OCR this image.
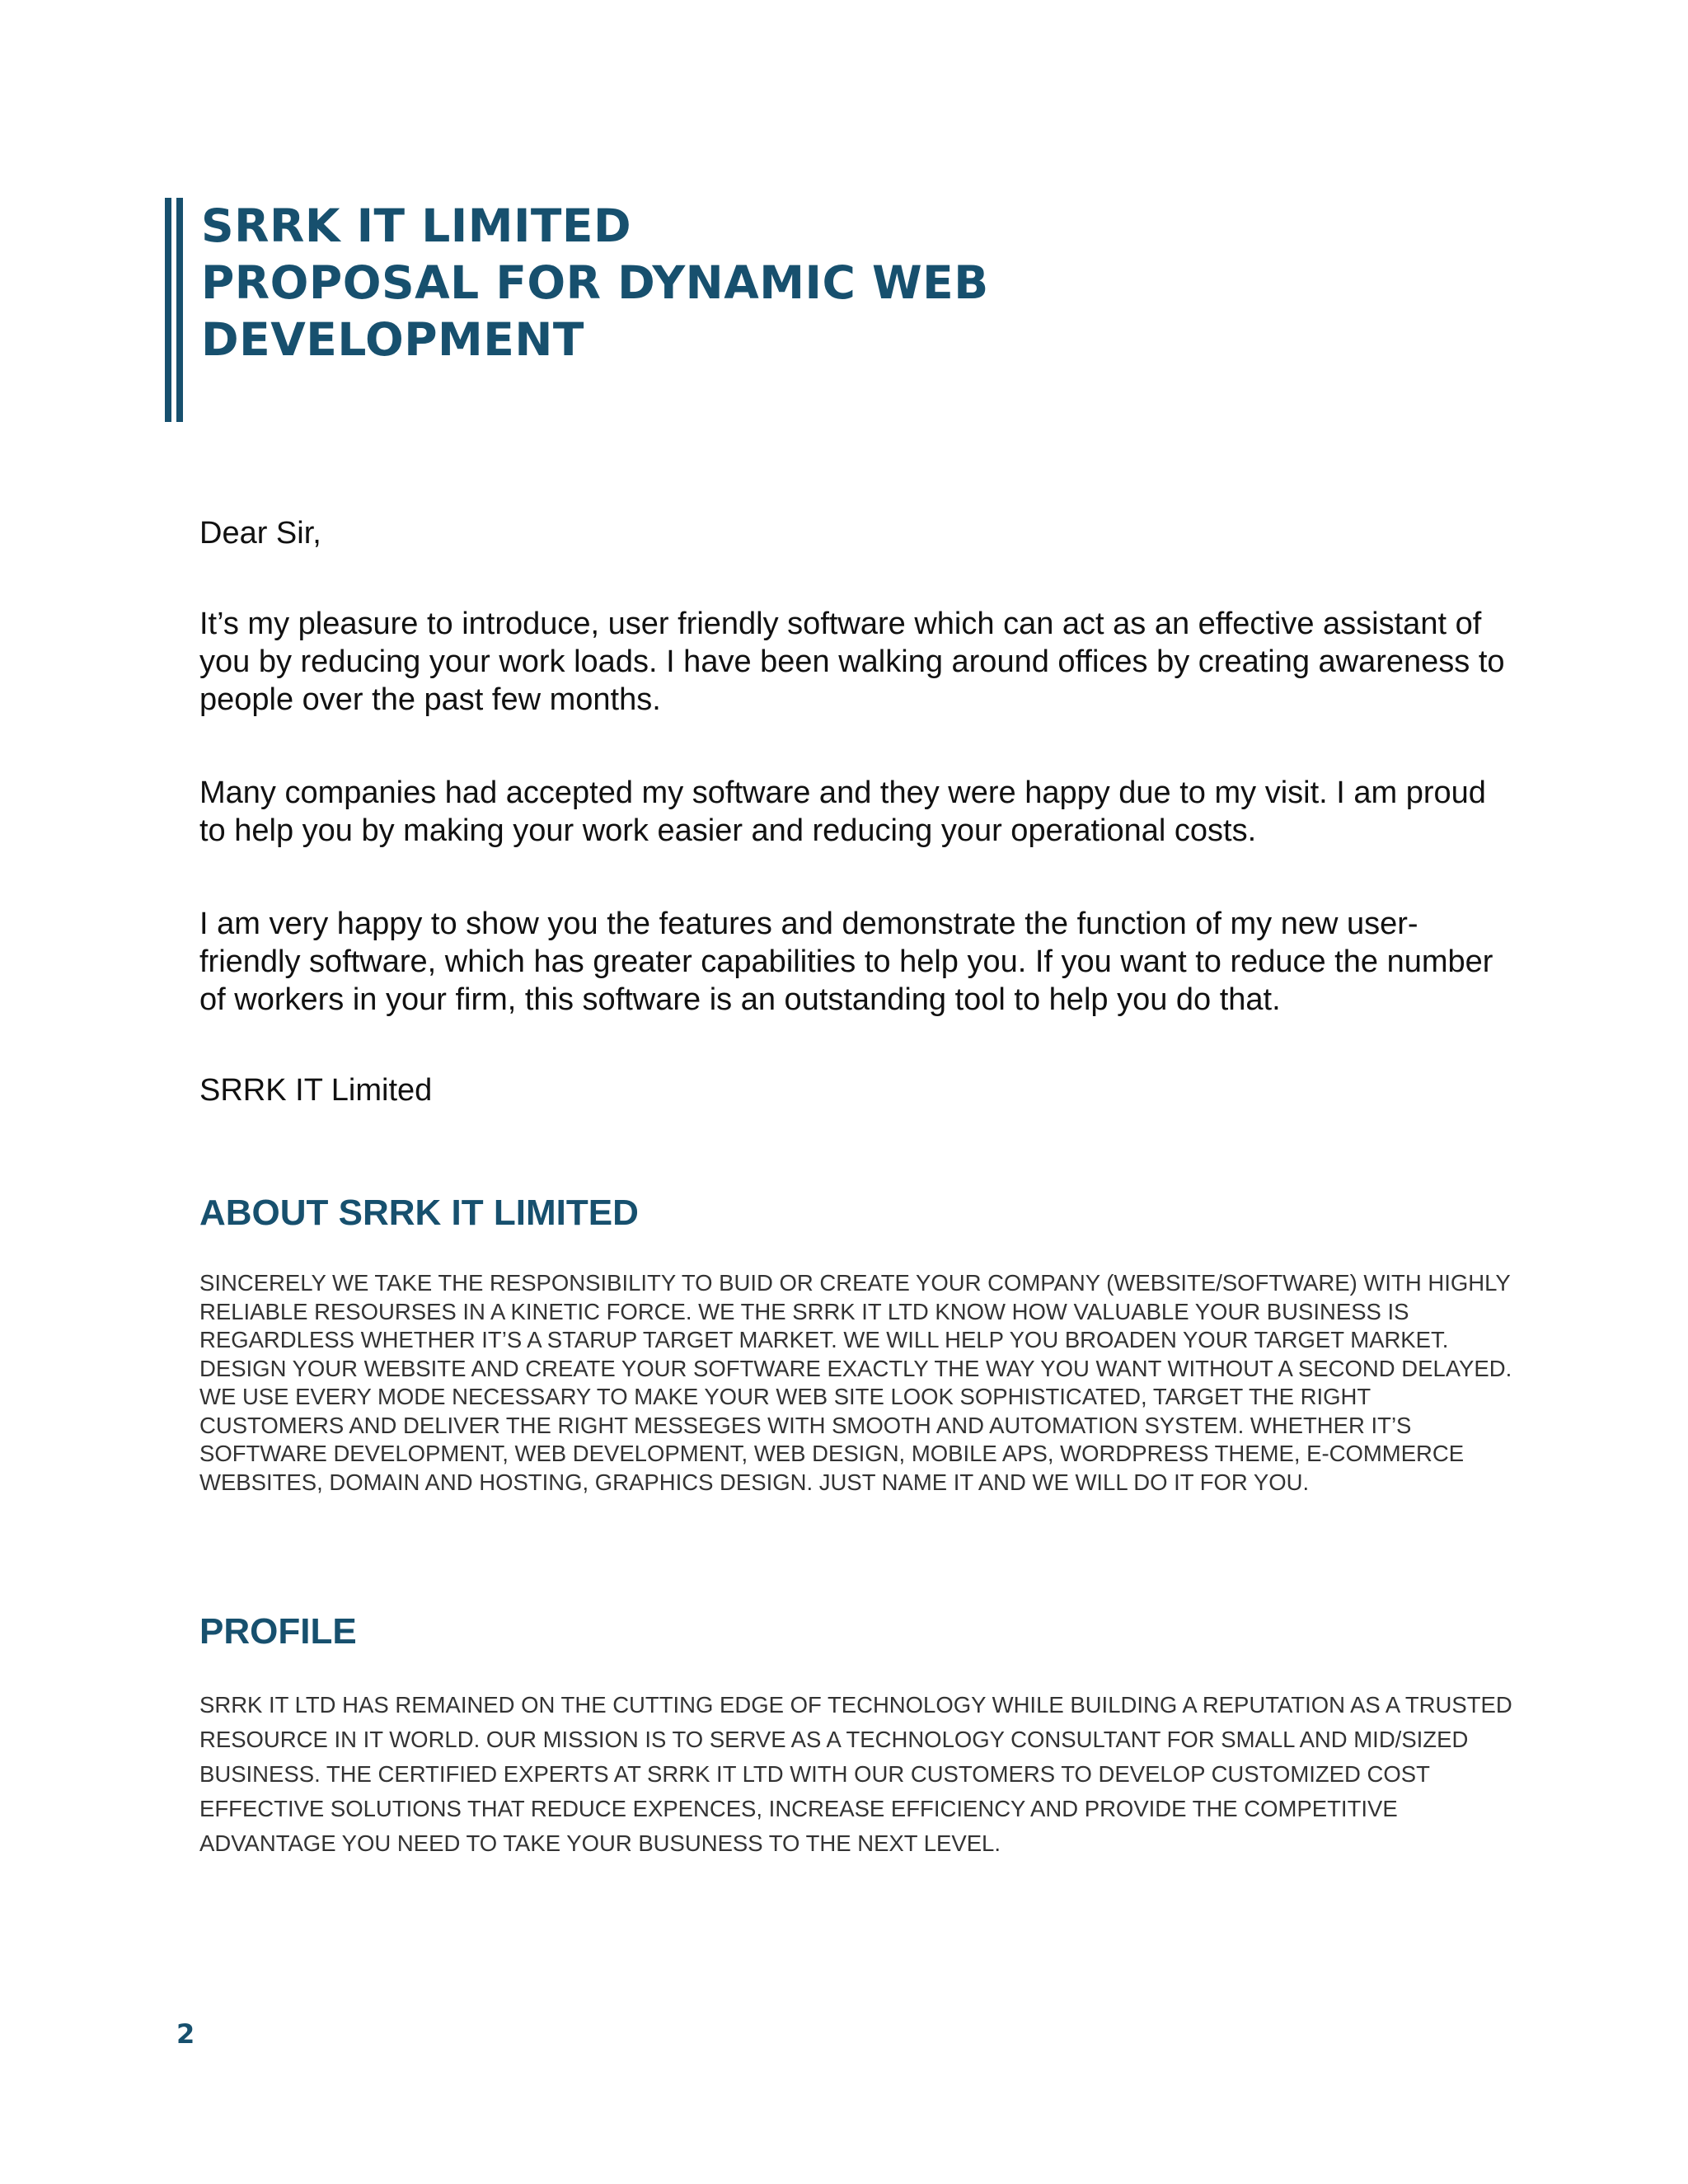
SRRK IT LIMITED
PROPOSAL FOR DYNAMIC WEB
DEVELOPMENT

Dear Sir,

It’s my pleasure to introduce, user friendly software which can act as an effective assistant of you by reducing your work loads. I have been walking around offices by creating awareness to people over the past few months.

Many companies had accepted my software and they were happy due to my visit. I am proud to help you by making your work easier and reducing your operational costs.

I am very happy to show you the features and demonstrate the function of my new user-friendly software, which has greater capabilities to help you. If you want to reduce the number of workers in your firm, this software is an outstanding tool to help you do that.

SRRK IT Limited

ABOUT SRRK IT LIMITED
SINCERELY WE TAKE THE RESPONSIBILITY TO BUID OR CREATE YOUR COMPANY (WEBSITE/SOFTWARE) WITH HIGHLY RELIABLE RESOURSES IN A KINETIC FORCE. WE THE SRRK IT LTD KNOW HOW VALUABLE YOUR BUSINESS IS REGARDLESS WHETHER IT’S A STARUP TARGET MARKET. WE WILL HELP YOU BROADEN YOUR TARGET MARKET. DESIGN YOUR WEBSITE AND CREATE YOUR SOFTWARE EXACTLY THE WAY YOU WANT WITHOUT A SECOND DELAYED. WE USE EVERY MODE NECESSARY TO MAKE YOUR WEB SITE LOOK SOPHISTICATED, TARGET THE RIGHT CUSTOMERS AND DELIVER THE RIGHT MESSEGES WITH SMOOTH AND AUTOMATION SYSTEM. WHETHER IT’S SOFTWARE DEVELOPMENT, WEB DEVELOPMENT, WEB DESIGN, MOBILE APS, WORDPRESS THEME, E-COMMERCE WEBSITES, DOMAIN AND HOSTING, GRAPHICS DESIGN. JUST NAME IT AND WE WILL DO IT FOR YOU.
PROFILE
SRRK IT LTD HAS REMAINED ON THE CUTTING EDGE OF TECHNOLOGY WHILE BUILDING A REPUTATION AS A TRUSTED RESOURCE IN IT WORLD. OUR MISSION IS TO SERVE AS A TECHNOLOGY CONSULTANT FOR SMALL AND MID/SIZED BUSINESS. THE CERTIFIED EXPERTS AT SRRK IT LTD WITH OUR CUSTOMERS TO DEVELOP CUSTOMIZED COST EFFECTIVE SOLUTIONS THAT REDUCE EXPENCES, INCREASE EFFICIENCY AND PROVIDE THE COMPETITIVE ADVANTAGE YOU NEED TO TAKE YOUR BUSUNESS TO THE NEXT LEVEL.
2
